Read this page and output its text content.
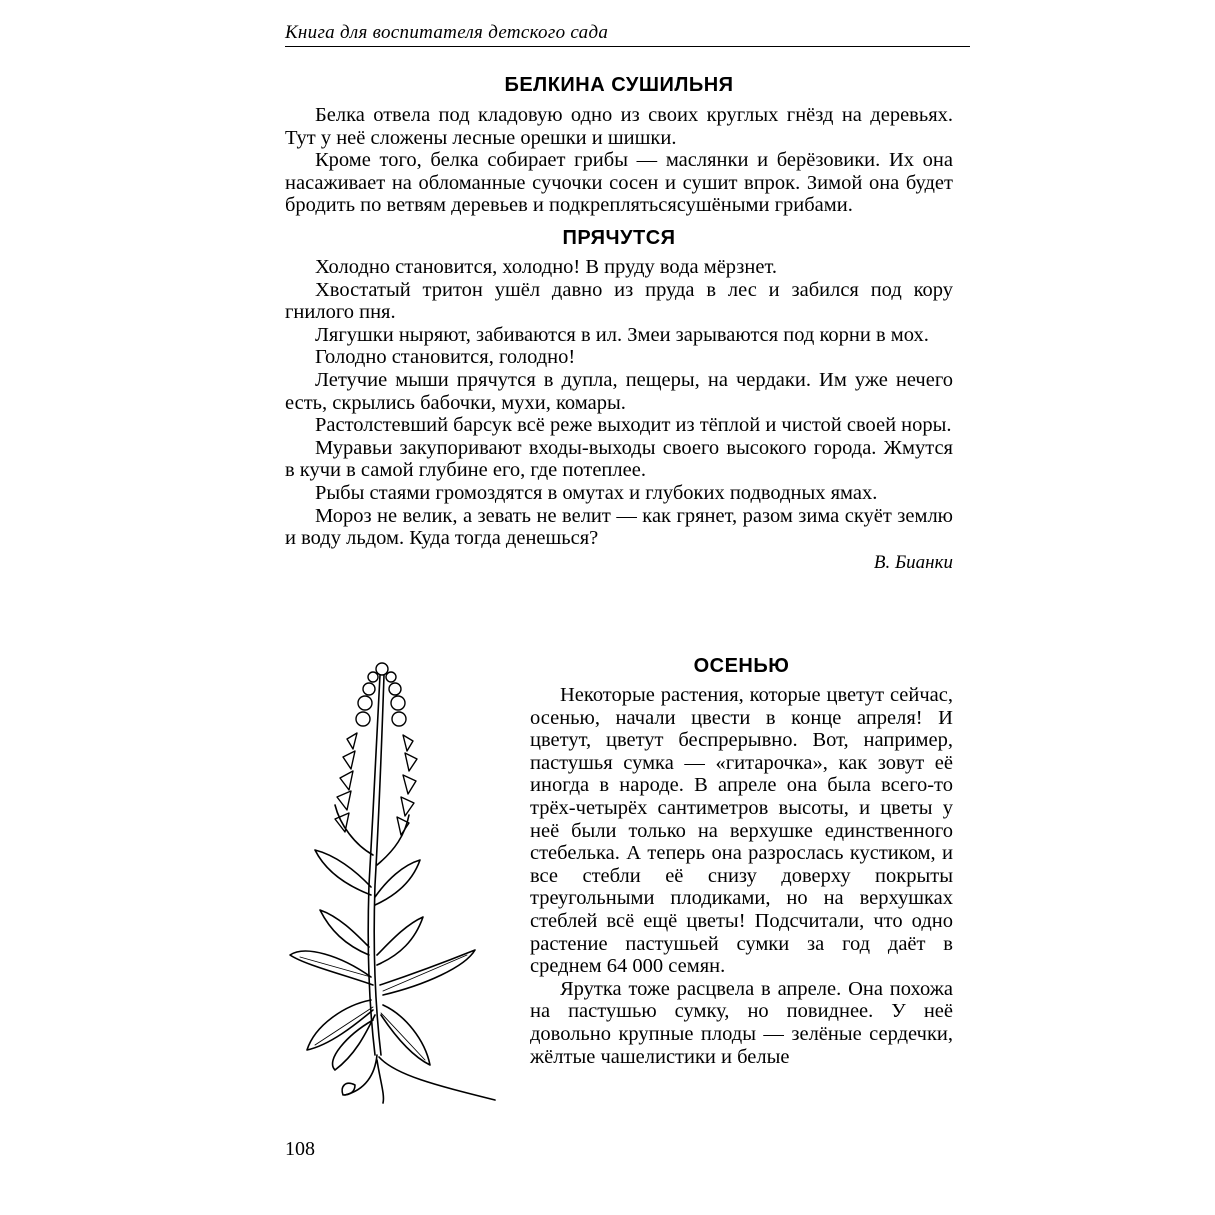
Книга для воспитателя детского сада
БЕЛКИНА СУШИЛЬНЯ

Белка отвела под кладовую одно из своих круглых гнёзд на деревьях. Тут у неё сложены лесные орешки и шишки.

Кроме того, белка собирает грибы — маслянки и берёзовики. Их она насаживает на обломанные сучочки сосен и сушит впрок. Зимой она будет бродить по ветвям деревьев и подкреплятьсясушёными грибами.

ПРЯЧУТСЯ

Холодно становится, холодно! В пруду вода мёрзнет.

Хвостатый тритон ушёл давно из пруда в лес и забился под кору гнилого пня.

Лягушки ныряют, забиваются в ил. Змеи зарываются под корни в мох.

Голодно становится, голодно!

Летучие мыши прячутся в дупла, пещеры, на чердаки. Им уже нечего есть, скрылись бабочки, мухи, комары.

Растолстевший барсук всё реже выходит из тёплой и чистой своей норы.

Муравьи закупоривают входы-выходы своего высокого города. Жмутся в кучи в самой глубине его, где потеплее.

Рыбы стаями громоздятся в омутах и глубоких подводных ямах.

Мороз не велик, а зевать не велит — как грянет, разом зима скуёт землю и воду льдом. Куда тогда денешься?

В. Бианки
ОСЕНЬЮ

Некоторые растения, которые цветут сейчас, осенью, начали цвести в конце апреля! И цветут, цветут беспрерывно. Вот, например, пастушья сумка — «гитарочка», как зовут её иногда в народе. В апреле она была всего-то трёх-четырёх сантиметров высоты, и цветы у неё были только на верхушке единственного стебелька. А теперь она разрослась кустиком, и все стебли её снизу доверху покрыты треугольными плодиками, но на верхушках стеблей всё ещё цветы! Подсчитали, что одно растение пастушьей сумки за год даёт в среднем 64 000 семян.

Ярутка тоже расцвела в апреле. Она похожа на пастушью сумку, но повиднее. У неё довольно крупные плоды — зелёные сердечки, жёлтые чашелистики и белые

108
